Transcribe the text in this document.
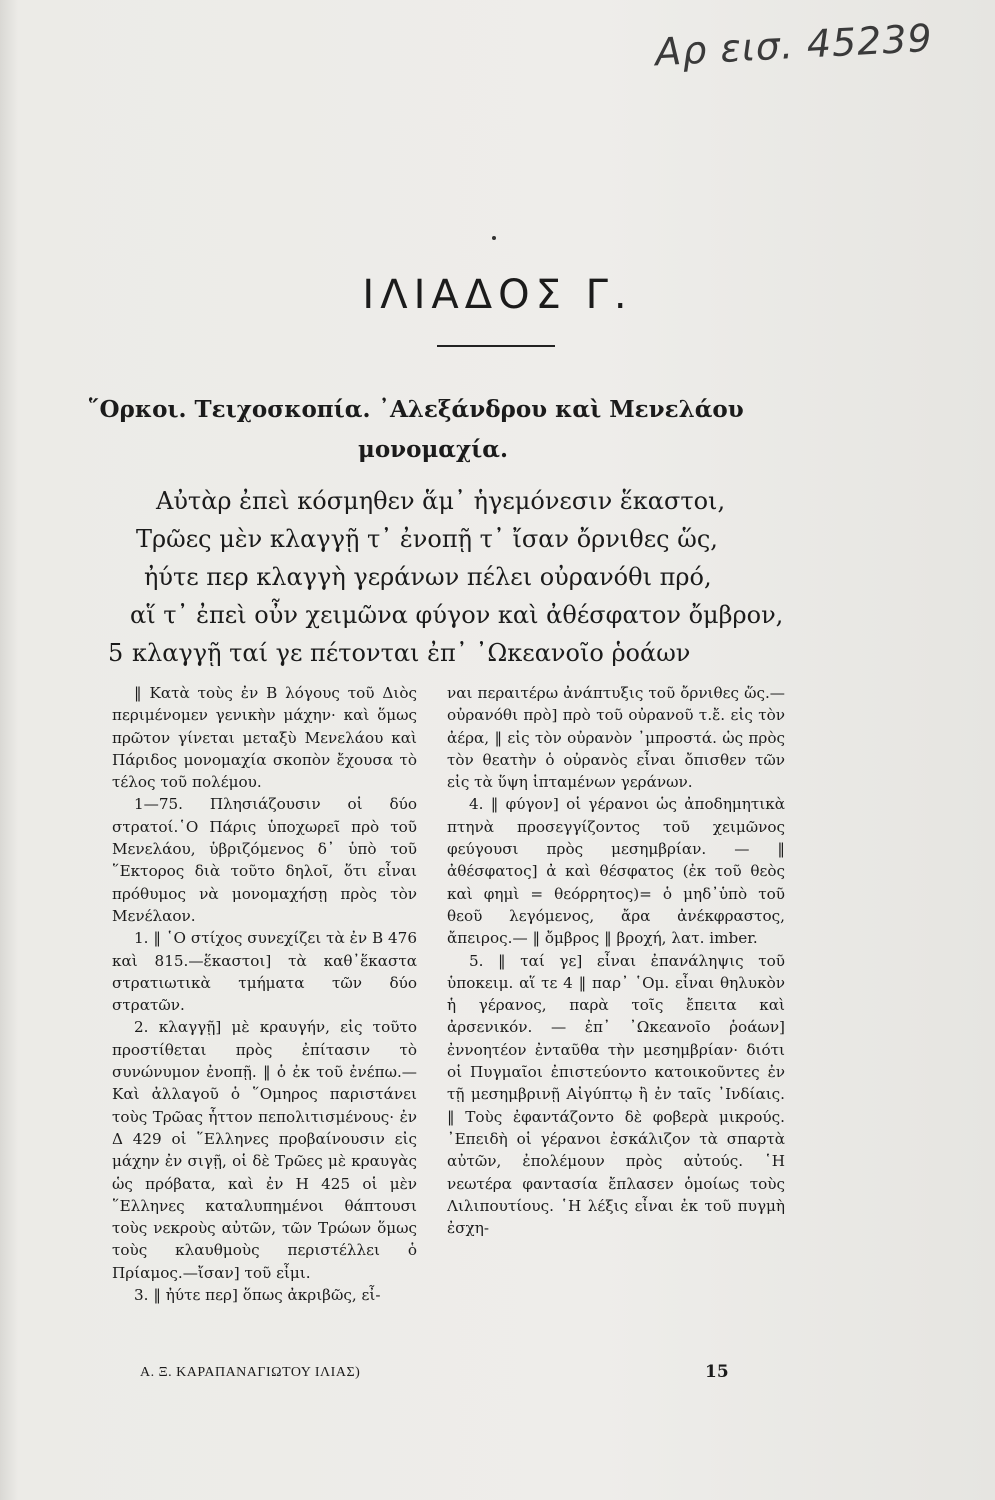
Αρ εισ. 45239
ΙΛΙΑΔΟΣ Γ.
῞Ορκοι. Τειχοσκοπία. ᾿Αλεξάνδρου καὶ Μενελάου
μονομαχία.
Αὐτὰρ ἐπεὶ κόσμηθεν ἅμ᾿ ἡγεμόνεσιν ἕκαστοι,
Τρῶες μὲν κλαγγῇ τ᾿ ἐνοπῇ τ᾿ ἴσαν ὄρνιθες ὥς,
ἠύτε περ κλαγγὴ γεράνων πέλει οὐρανόθι πρό,
αἵ τ᾿ ἐπεὶ οὖν χειμῶνα φύγον καὶ ἀθέσφατον ὄμβρον,
5 κλαγγῇ ταί γε πέτονται ἐπ᾿ ᾿Ωκεανοῖο ῥοάων

‖ Κατὰ τοὺς ἐν Β λόγους τοῦ Διὸς περιμένομεν γενικὴν μάχην· καὶ ὅμως πρῶτον γίνεται μεταξὺ Μενελάου καὶ Πάριδος μονομαχία σκοπὸν ἔχουσα τὸ τέλος τοῦ πολέμου.

1—75. Πλησιάζουσιν οἱ δύο στρατοί.῾Ο Πάρις ὑποχωρεῖ πρὸ τοῦ Μενελάου, ὑβριζόμενος δ᾿ ὑπὸ τοῦ ῞Εκτορος διὰ τοῦτο δηλοῖ, ὅτι εἶναι πρόθυμος νὰ μονομαχήσῃ πρὸς τὸν Μενέλαον.

1. ‖ ῾Ο στίχος συνεχίζει τὰ ἐν Β 476 καὶ 815.—ἕκαστοι] τὰ καθ᾿ἕκαστα στρατιωτικὰ τμήματα τῶν δύο στρατῶν.

2. κλαγγῇ] μὲ κραυγήν, εἰς τοῦτο προστίθεται πρὸς ἐπίτασιν τὸ συνώνυμον ἐνοπῇ. ‖ ὁ ἐκ τοῦ ἐνέπω.—Καὶ ἀλλαγοῦ ὁ ῞Ομηρος παριστάνει τοὺς Τρῶας ἧττον πεπολιτισμένους· ἐν Δ 429 οἱ ῞Ελληνες προβαίνουσιν εἰς μάχην ἐν σιγῇ, οἱ δὲ Τρῶες μὲ κραυγὰς ὡς πρόβατα, καὶ ἐν Η 425 οἱ μὲν ῞Ελληνες καταλυπημένοι θάπτουσι τοὺς νεκροὺς αὐτῶν, τῶν Τρώων ὅμως τοὺς κλαυθμοὺς περιστέλλει ὁ Πρίαμος.—ἴσαν] τοῦ εἶμι.

3. ‖ ἠύτε περ] ὅπως ἀκριβῶς, εἶ-

ναι περαιτέρω ἀνάπτυξις τοῦ ὄρνιθες ὥς.—οὐρανόθι πρὸ] πρὸ τοῦ οὐρανοῦ τ.ἔ. εἰς τὸν ἀέρα, ‖ εἰς τὸν οὐρανὸν ᾿μπροστά. ὡς πρὸς τὸν θεατὴν ὁ οὐρανὸς εἶναι ὄπισθεν τῶν εἰς τὰ ὕψη ἱπταμένων γεράνων.

4. ‖ φύγον] οἱ γέρανοι ὡς ἀποδημητικὰ πτηνὰ προσεγγίζοντος τοῦ χειμῶνος φεύγουσι πρὸς μεσημβρίαν. — ‖ ἀθέσφατος] ἀ καὶ θέσφατος (ἐκ τοῦ θεὸς καὶ φημὶ = θεόρρητος)= ὁ μηδ᾿ὑπὸ τοῦ θεοῦ λεγόμενος, ἄρα ἀνέκφραστος, ἄπειρος.— ‖ ὄμβρος ‖ βροχή, λατ. imber.

5. ‖ ταί γε] εἶναι ἐπανάληψις τοῦ ὑποκειμ. αἵ τε 4 ‖ παρ᾿ ῾Ομ. εἶναι θηλυκὸν ἡ γέρανος, παρὰ τοῖς ἔπειτα καὶ ἀρσενικόν. — ἐπ᾿ ᾿Ωκεανοῖο ῥοάων] ἐννοητέον ἐνταῦθα τὴν μεσημβρίαν· διότι οἱ Πυγμαῖοι ἐπιστεύοντο κατοικοῦντες ἐν τῇ μεσημβρινῇ Αἰγύπτῳ ἢ ἐν ταῖς ᾿Ινδίαις. ‖ Τοὺς ἐφαντάζοντο δὲ φοβερὰ μικρούς. ᾿Επειδὴ οἱ γέρανοι ἐσκάλιζον τὰ σπαρτὰ αὐτῶν, ἐπολέμουν πρὸς αὐτούς. ῾Η νεωτέρα φαντασία ἔπλασεν ὁμοίως τοὺς Λιλιπουτίους. ῾Η λέξις εἶναι ἐκ τοῦ πυγμὴ ἐσχη-

Α. Ξ. ΚΑΡΑΠΑΝΑΓΙΩΤΟΥ ΙΛΙΑΣ)	15
